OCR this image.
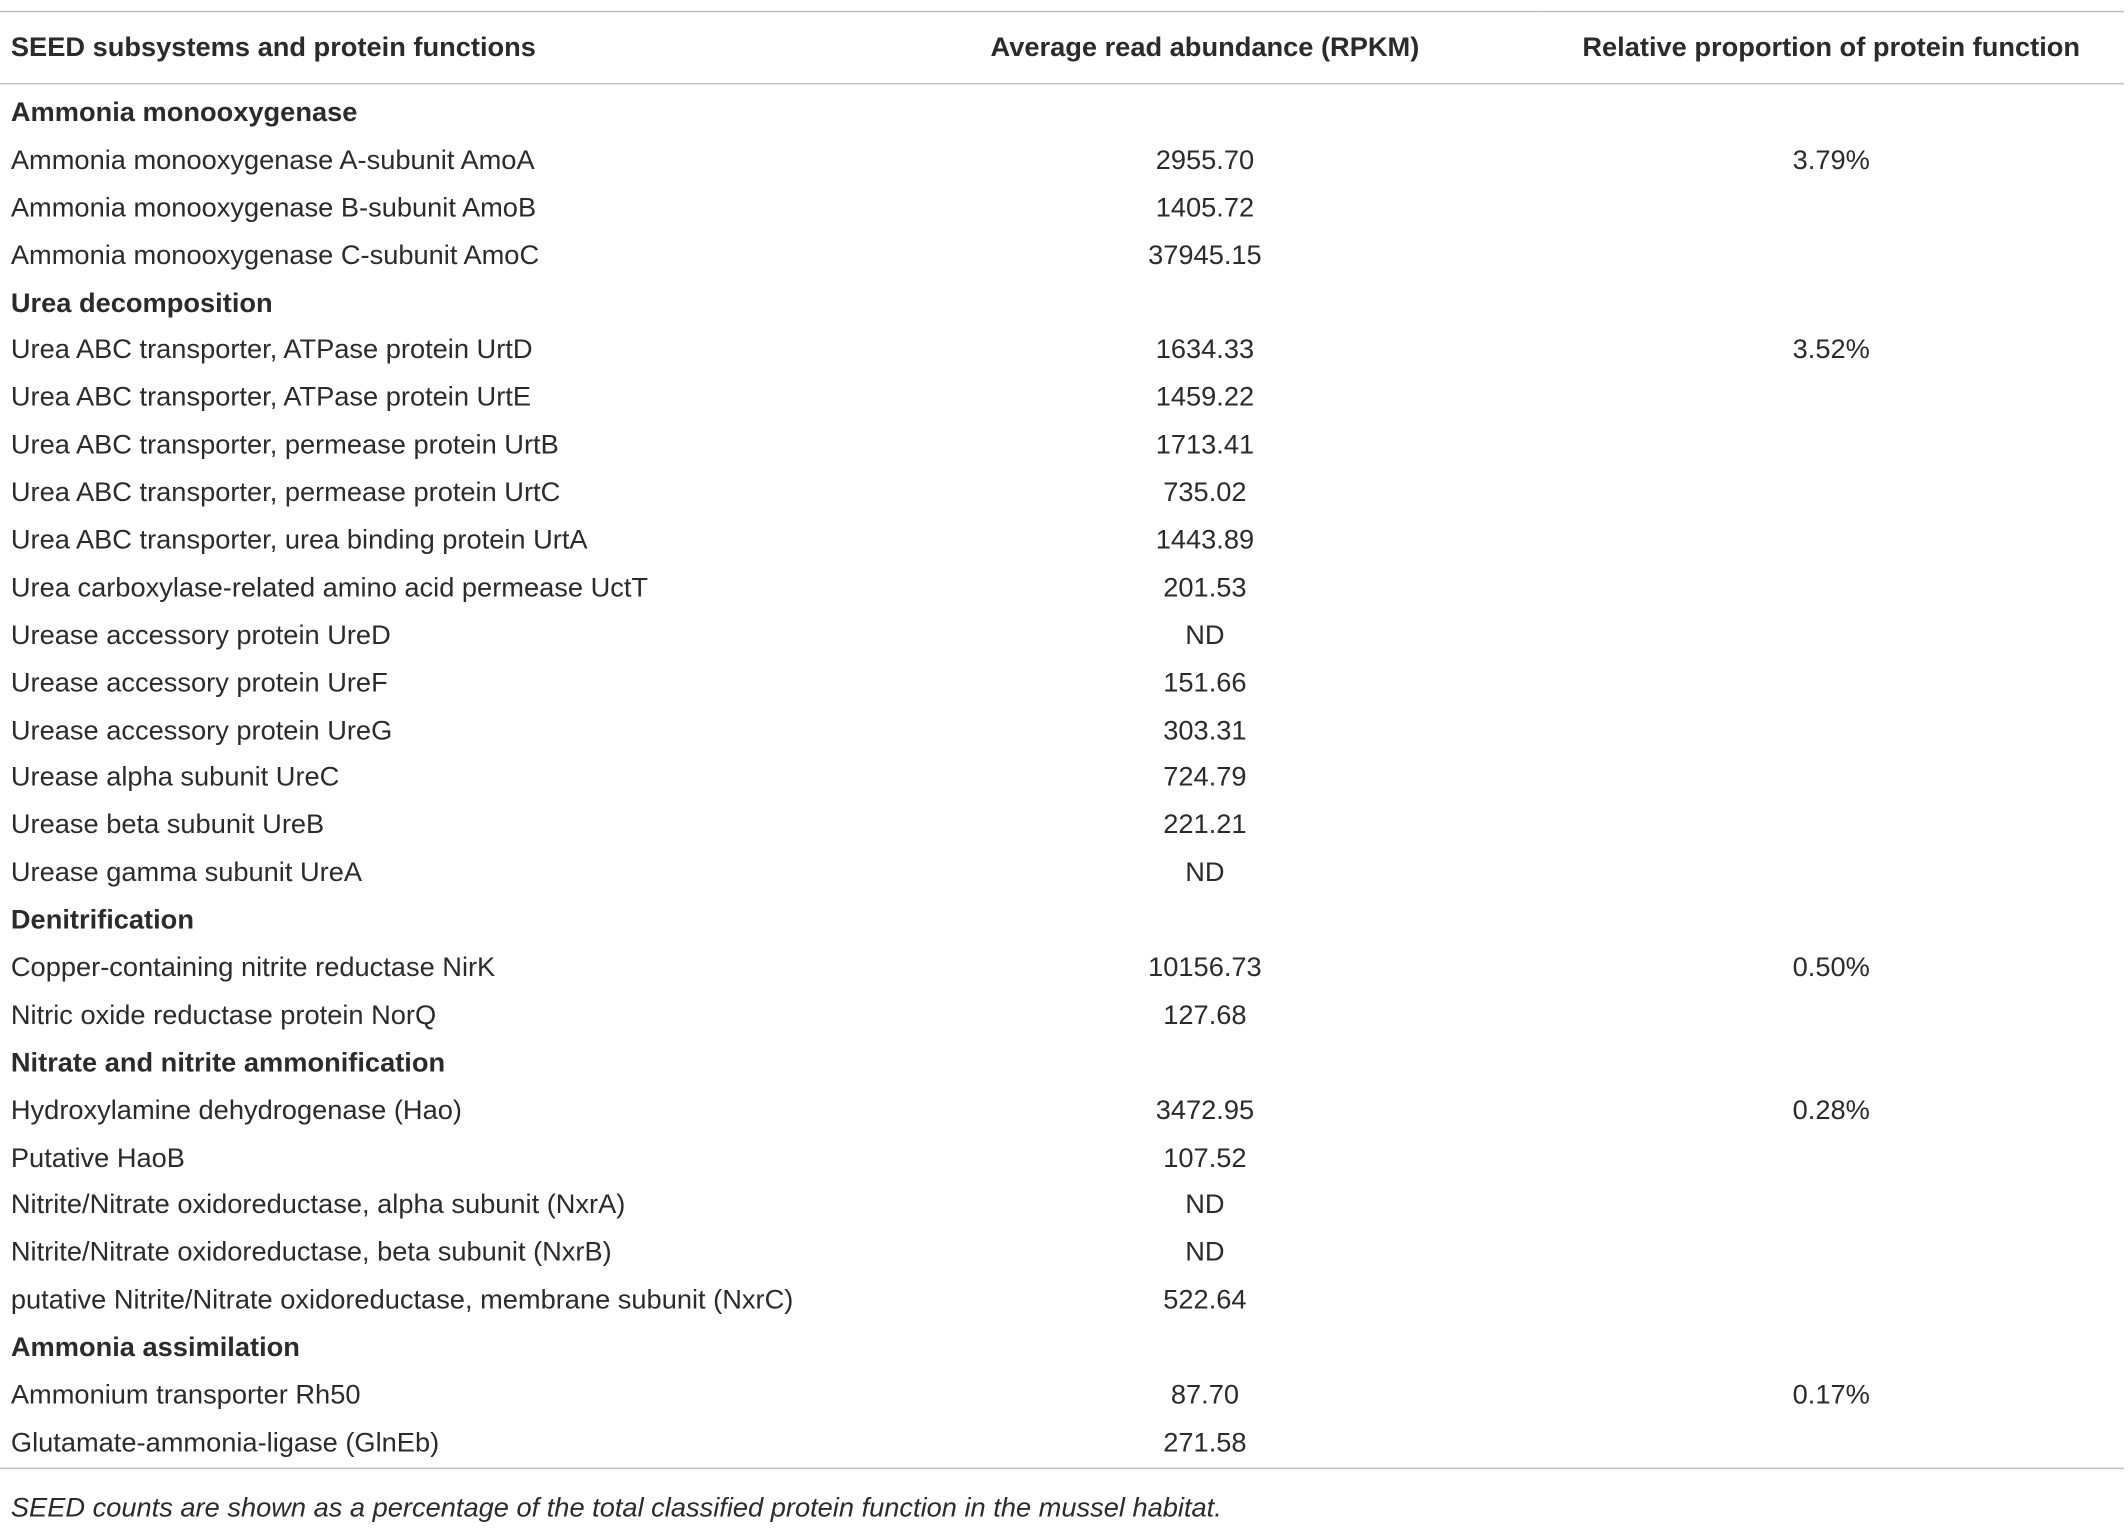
SEED subsystems and protein functions	Average read abundance (RPKM)	Relative proportion of protein function
Ammonia monooxygenase		
Ammonia monooxygenase A-subunit AmoA	2955.70	3.79%
Ammonia monooxygenase B-subunit AmoB	1405.72	
Ammonia monooxygenase C-subunit AmoC	37945.15	
Urea decomposition		
Urea ABC transporter, ATPase protein UrtD	1634.33	3.52%
Urea ABC transporter, ATPase protein UrtE	1459.22	
Urea ABC transporter, permease protein UrtB	1713.41	
Urea ABC transporter, permease protein UrtC	735.02	
Urea ABC transporter, urea binding protein UrtA	1443.89	
Urea carboxylase-related amino acid permease UctT	201.53	
Urease accessory protein UreD	ND	
Urease accessory protein UreF	151.66	
Urease accessory protein UreG	303.31	
Urease alpha subunit UreC	724.79	
Urease beta subunit UreB	221.21	
Urease gamma subunit UreA	ND	
Denitrification		
Copper-containing nitrite reductase NirK	10156.73	0.50%
Nitric oxide reductase protein NorQ	127.68	
Nitrate and nitrite ammonification		
Hydroxylamine dehydrogenase (Hao)	3472.95	0.28%
Putative HaoB	107.52	
Nitrite/Nitrate oxidoreductase, alpha subunit (NxrA)	ND	
Nitrite/Nitrate oxidoreductase, beta subunit (NxrB)	ND	
putative Nitrite/Nitrate oxidoreductase, membrane subunit (NxrC)	522.64	
Ammonia assimilation		
Ammonium transporter Rh50	87.70	0.17%
Glutamate-ammonia-ligase (GlnEb)	271.58	
SEED counts are shown as a percentage of the total classified protein function in the mussel habitat.
